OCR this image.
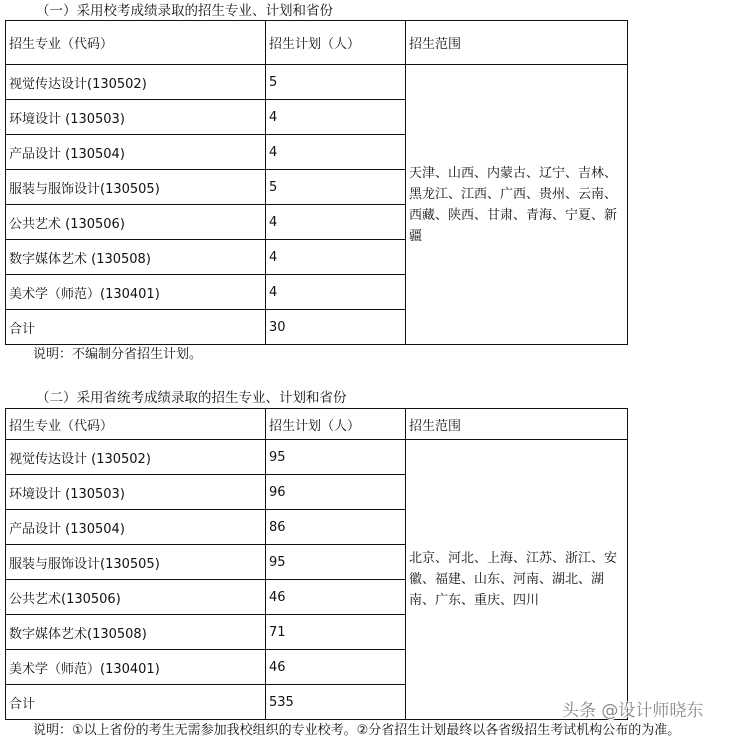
（一）采用校考成绩录取的招生专业、计划和省份
招生专业（代码）	招生计划（人）	招生范围
视觉传达设计(130502)	5	天津、山西、内蒙古、辽宁、吉林、黑龙江、江西、广西、贵州、云南、西藏、陕西、甘肃、青海、宁夏、新疆
环境设计 (130503)	4	
产品设计 (130504)	4	
服装与服饰设计(130505)	5	
公共艺术 (130506)	4	
数字媒体艺术 (130508)	4	
美术学（师范）(130401)	4	
合计	30	
说明：不编制分省招生计划。
（二）采用省统考成绩录取的招生专业、计划和省份
招生专业（代码）	招生计划（人）	招生范围
视觉传达设计 (130502)	95	北京、河北、上海、江苏、浙江、安徽、福建、山东、河南、湖北、湖南、广东、重庆、四川
环境设计 (130503)	96	
产品设计 (130504)	86	
服装与服饰设计(130505)	95	
公共艺术(130506)	46	
数字媒体艺术(130508)	71	
美术学（师范）(130401)	46	
合计	535	
说明：①以上省份的考生无需参加我校组织的专业校考。②分省招生计划最终以各省级招生考试机构公布的为准。
头条 @设计师晓东
